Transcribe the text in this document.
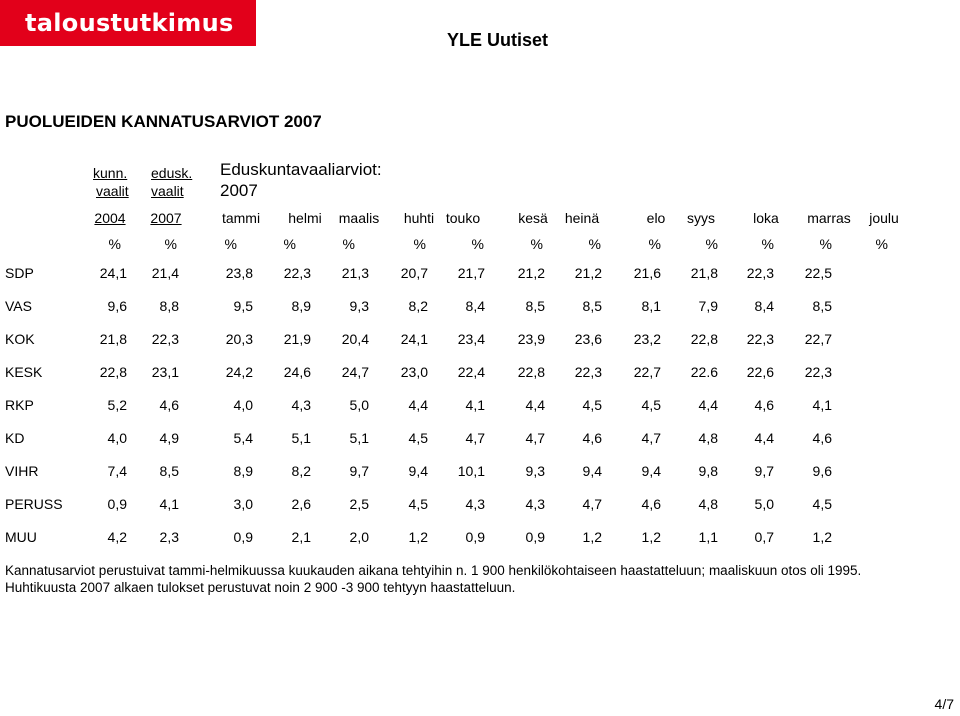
taloustutkimus oy
YLE Uutiset
PUOLUEIDEN KANNATUSARVIOT 2007
kunn. edusk. Eduskuntavaaliarviot:
vaalit vaalit 2007
2004	2007	tammi	helmi	maalis	huhti touko	kesä	heinä	elo	syys	loka	marras	joulu
%	%	%	%	%	%	%	%	%	%	%	%	%	%
SDP	24,1	21,4	23,8	22,3	21,3	20,7	21,7	21,2	21,2	21,6	21,8	22,3	22,5
VAS	9,6	8,8	9,5	8,9	9,3	8,2	8,4	8,5	8,5	8,1	7,9	8,4	8,5
KOK	21,8	22,3	20,3	21,9	20,4	24,1	23,4	23,9	23,6	23,2	22,8	22,3	22,7
KESK	22,8	23,1	24,2	24,6	24,7	23,0	22,4	22,8	22,3	22,7	22.6	22,6	22,3
RKP	5,2	4,6	4,0	4,3	5,0	4,4	4,1	4,4	4,5	4,5	4,4	4,6	4,1
KD	4,0	4,9	5,4	5,1	5,1	4,5	4,7	4,7	4,6	4,7	4,8	4,4	4,6
VIHR	7,4	8,5	8,9	8,2	9,7	9,4	10,1	9,3	9,4	9,4	9,8	9,7	9,6
PERUSS	0,9	4,1	3,0	2,6	2,5	4,5	4,3	4,3	4,7	4,6	4,8	5,0	4,5
MUU	4,2	2,3	0,9	2,1	2,0	1,2	0,9	0,9	1,2	1,2	1,1	0,7	1,2
Kannatusarviot perustuivat tammi-helmikuussa kuukauden aikana tehtyihin n. 1 900 henkilökohtaiseen haastatteluun; maaliskuun otos oli 1995.
Huhtikuusta 2007 alkaen tulokset perustuvat noin 2 900 -3 900 tehtyyn haastatteluun.
4/7
